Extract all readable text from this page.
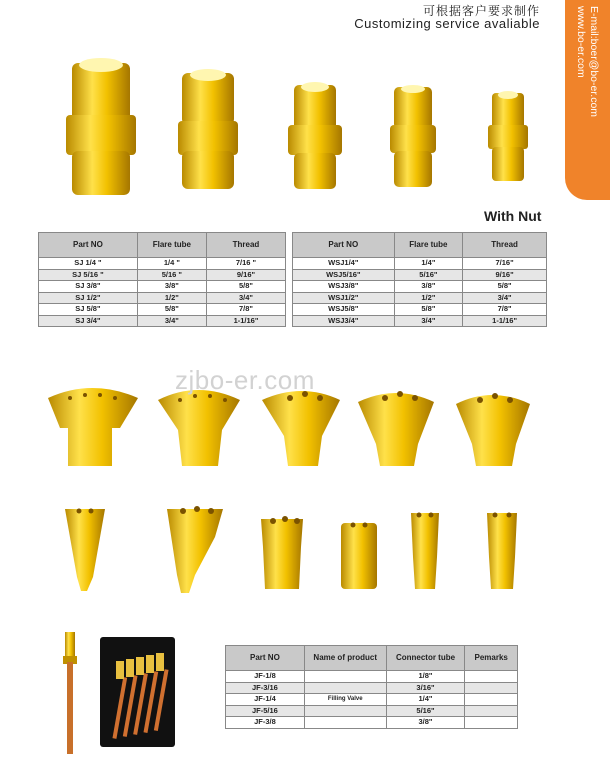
可根据客户要求制作
Customizing service avaliable	E-mail:boer@bo-er.com
www.bo-er.com
With Nut
Part NO	Flare tube	Thread
SJ 1/4 "	1/4 "	7/16 "
SJ 5/16 "	5/16 "	9/16"
SJ 3/8"	3/8"	5/8"
SJ 1/2"	1/2"	3/4"
SJ 5/8"	5/8"	7/8"
SJ 3/4"	3/4"	1-1/16"
Part NO	Flare tube	Thread
WSJ1/4"	1/4"	7/16"
WSJ5/16"	5/16"	9/16"
WSJ3/8"	3/8"	5/8"
WSJ1/2"	1/2"	3/4"
WSJ5/8"	5/8"	7/8"
WSJ3/4"	3/4"	1-1/16"
zjbo-er.com
Part NO	Name of product	Connector tube	Pemarks
JF-1/8		1/8"	
JF-3/16		3/16"	
JF-1/4	Filling Valve	1/4"	
JF-5/16		5/16"	
JF-3/8		3/8"	
